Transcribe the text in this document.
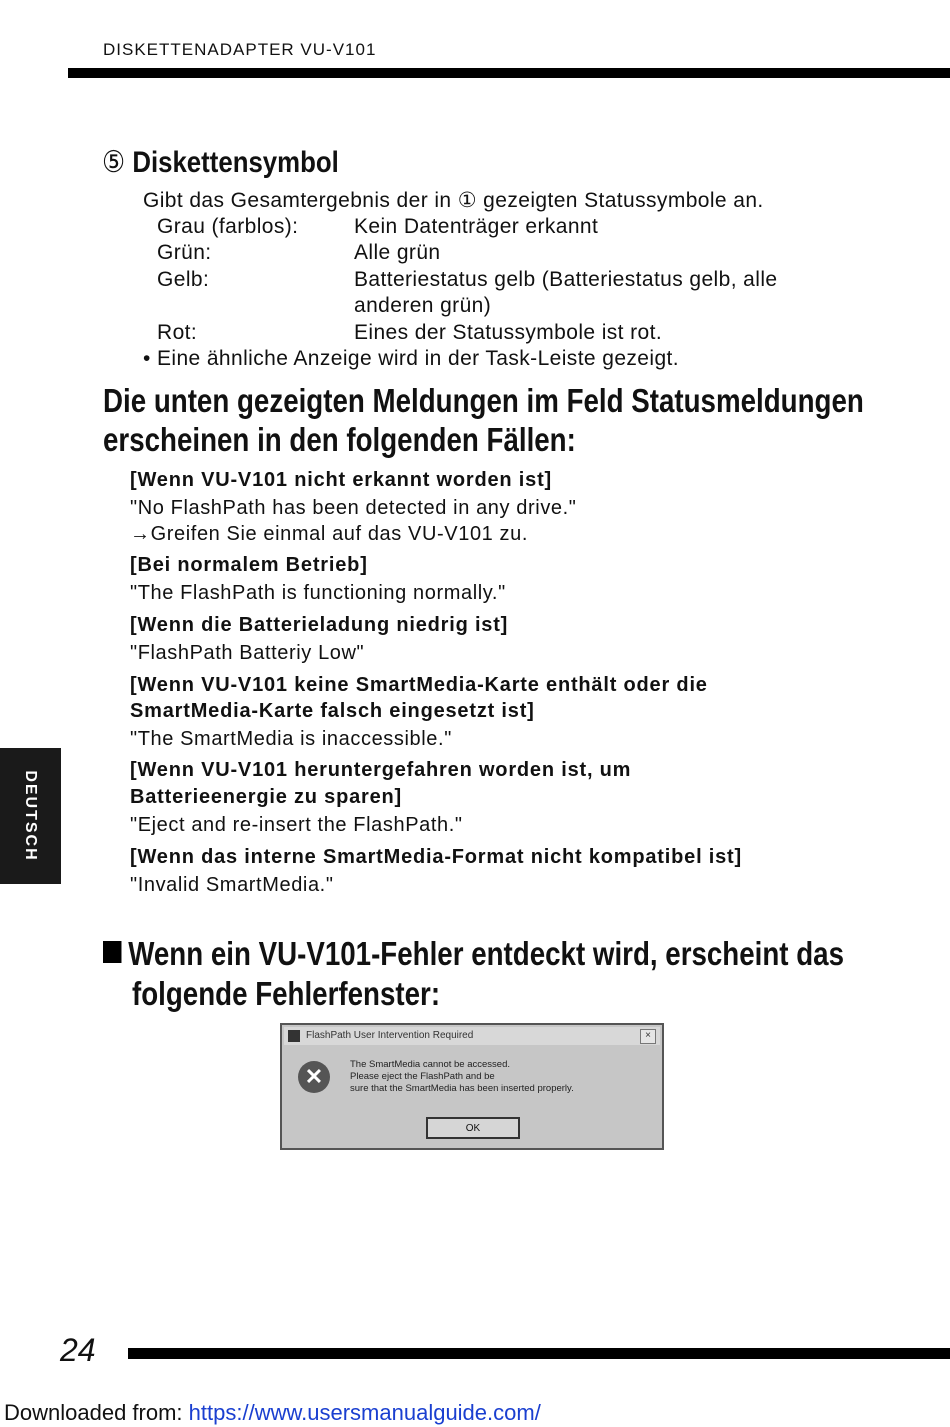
DISKETTENADAPTER VU-V101
⑤ Diskettensymbol
Gibt das Gesamtergebnis der in ① gezeigten Statussymbole an.
Grau (farblos):	Kein Datenträger erkannt
Grün:	Alle grün
Gelb:	Batteriestatus gelb (Batteriestatus gelb, alle
anderen grün)
Rot:	Eines der Statussymbole ist rot.
• Eine ähnliche Anzeige wird in der Task-Leiste gezeigt.
Die unten gezeigten Meldungen im Feld Statusmeldungen
erscheinen in den folgenden Fällen:
[Wenn VU-V101 nicht erkannt worden ist]
"No FlashPath has been detected in any drive."
→Greifen Sie einmal auf das VU-V101 zu.
[Bei normalem Betrieb]
"The FlashPath is functioning normally."
[Wenn die Batterieladung niedrig ist]
"FlashPath Batteriy Low"
[Wenn VU-V101 keine SmartMedia-Karte enthält oder die
SmartMedia-Karte falsch eingesetzt ist]
"The SmartMedia is inaccessible."
[Wenn VU-V101 heruntergefahren worden ist, um
Batterieenergie zu sparen]
"Eject and re-insert the FlashPath."
[Wenn das interne SmartMedia-Format nicht kompatibel ist]
"Invalid SmartMedia."
DEUTSCH
Wenn ein VU-V101-Fehler entdeckt wird, erscheint das
folgende Fehlerfenster:
FlashPath User Intervention Required	×
✕	The SmartMedia cannot be accessed.
Please eject the FlashPath and be
sure that the SmartMedia has been inserted properly.
OK
24
Downloaded from: https://www.usersmanualguide.com/
